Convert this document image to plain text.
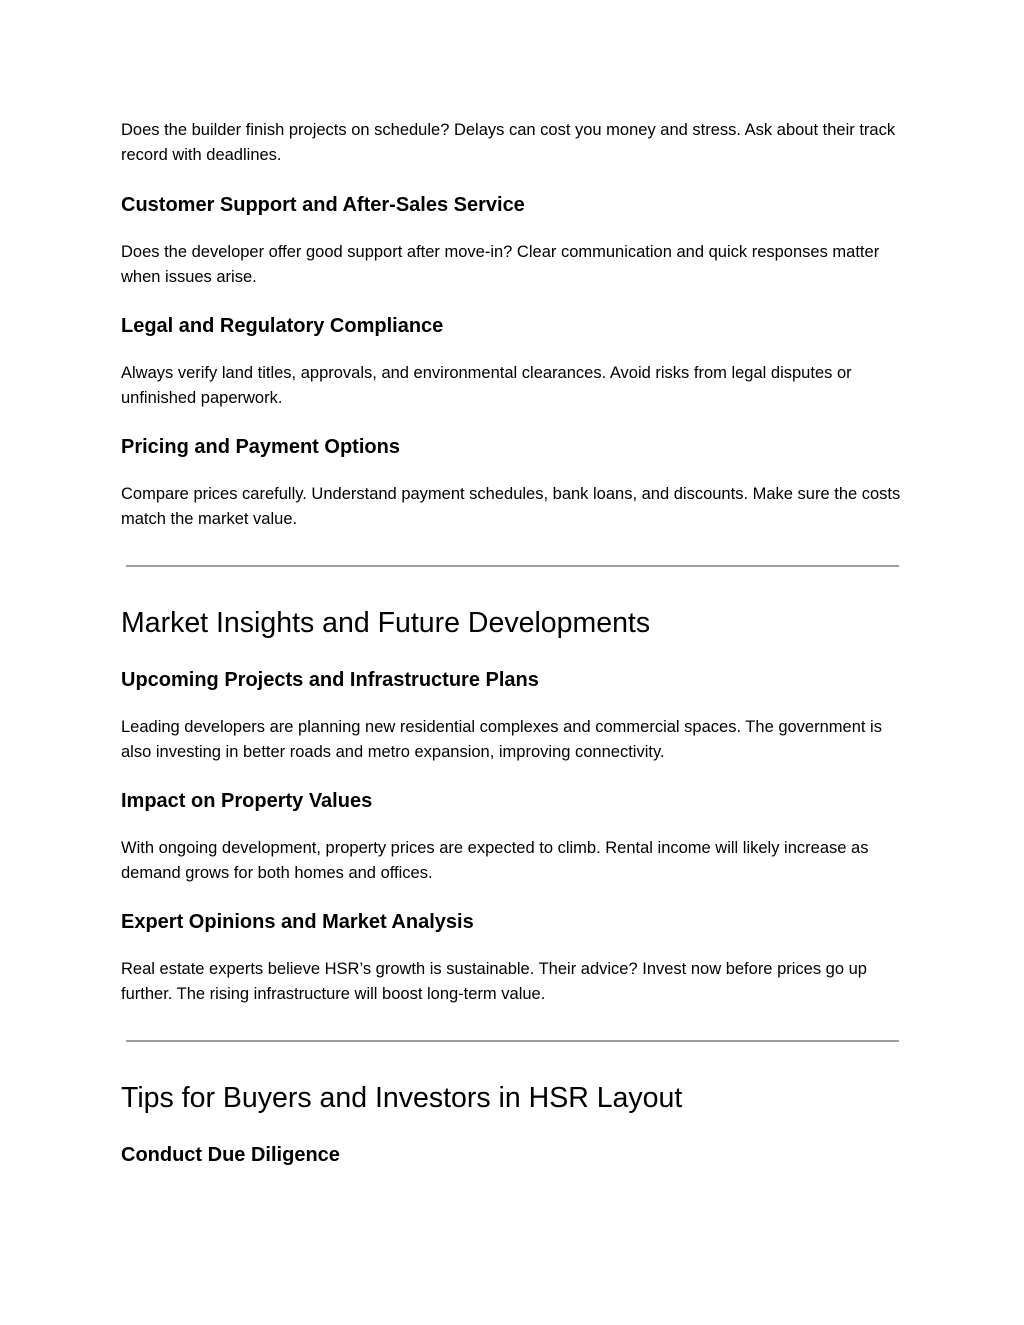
Does the builder finish projects on schedule? Delays can cost you money and stress. Ask about their track record with deadlines.

Customer Support and After-Sales Service

Does the developer offer good support after move-in? Clear communication and quick responses matter when issues arise.

Legal and Regulatory Compliance

Always verify land titles, approvals, and environmental clearances. Avoid risks from legal disputes or unfinished paperwork.

Pricing and Payment Options

Compare prices carefully. Understand payment schedules, bank loans, and discounts. Make sure the costs match the market value.

Market Insights and Future Developments
Upcoming Projects and Infrastructure Plans

Leading developers are planning new residential complexes and commercial spaces. The government is also investing in better roads and metro expansion, improving connectivity.

Impact on Property Values

With ongoing development, property prices are expected to climb. Rental income will likely increase as demand grows for both homes and offices.

Expert Opinions and Market Analysis

Real estate experts believe HSR’s growth is sustainable. Their advice? Invest now before prices go up further. The rising infrastructure will boost long-term value.

Tips for Buyers and Investors in HSR Layout
Conduct Due Diligence
